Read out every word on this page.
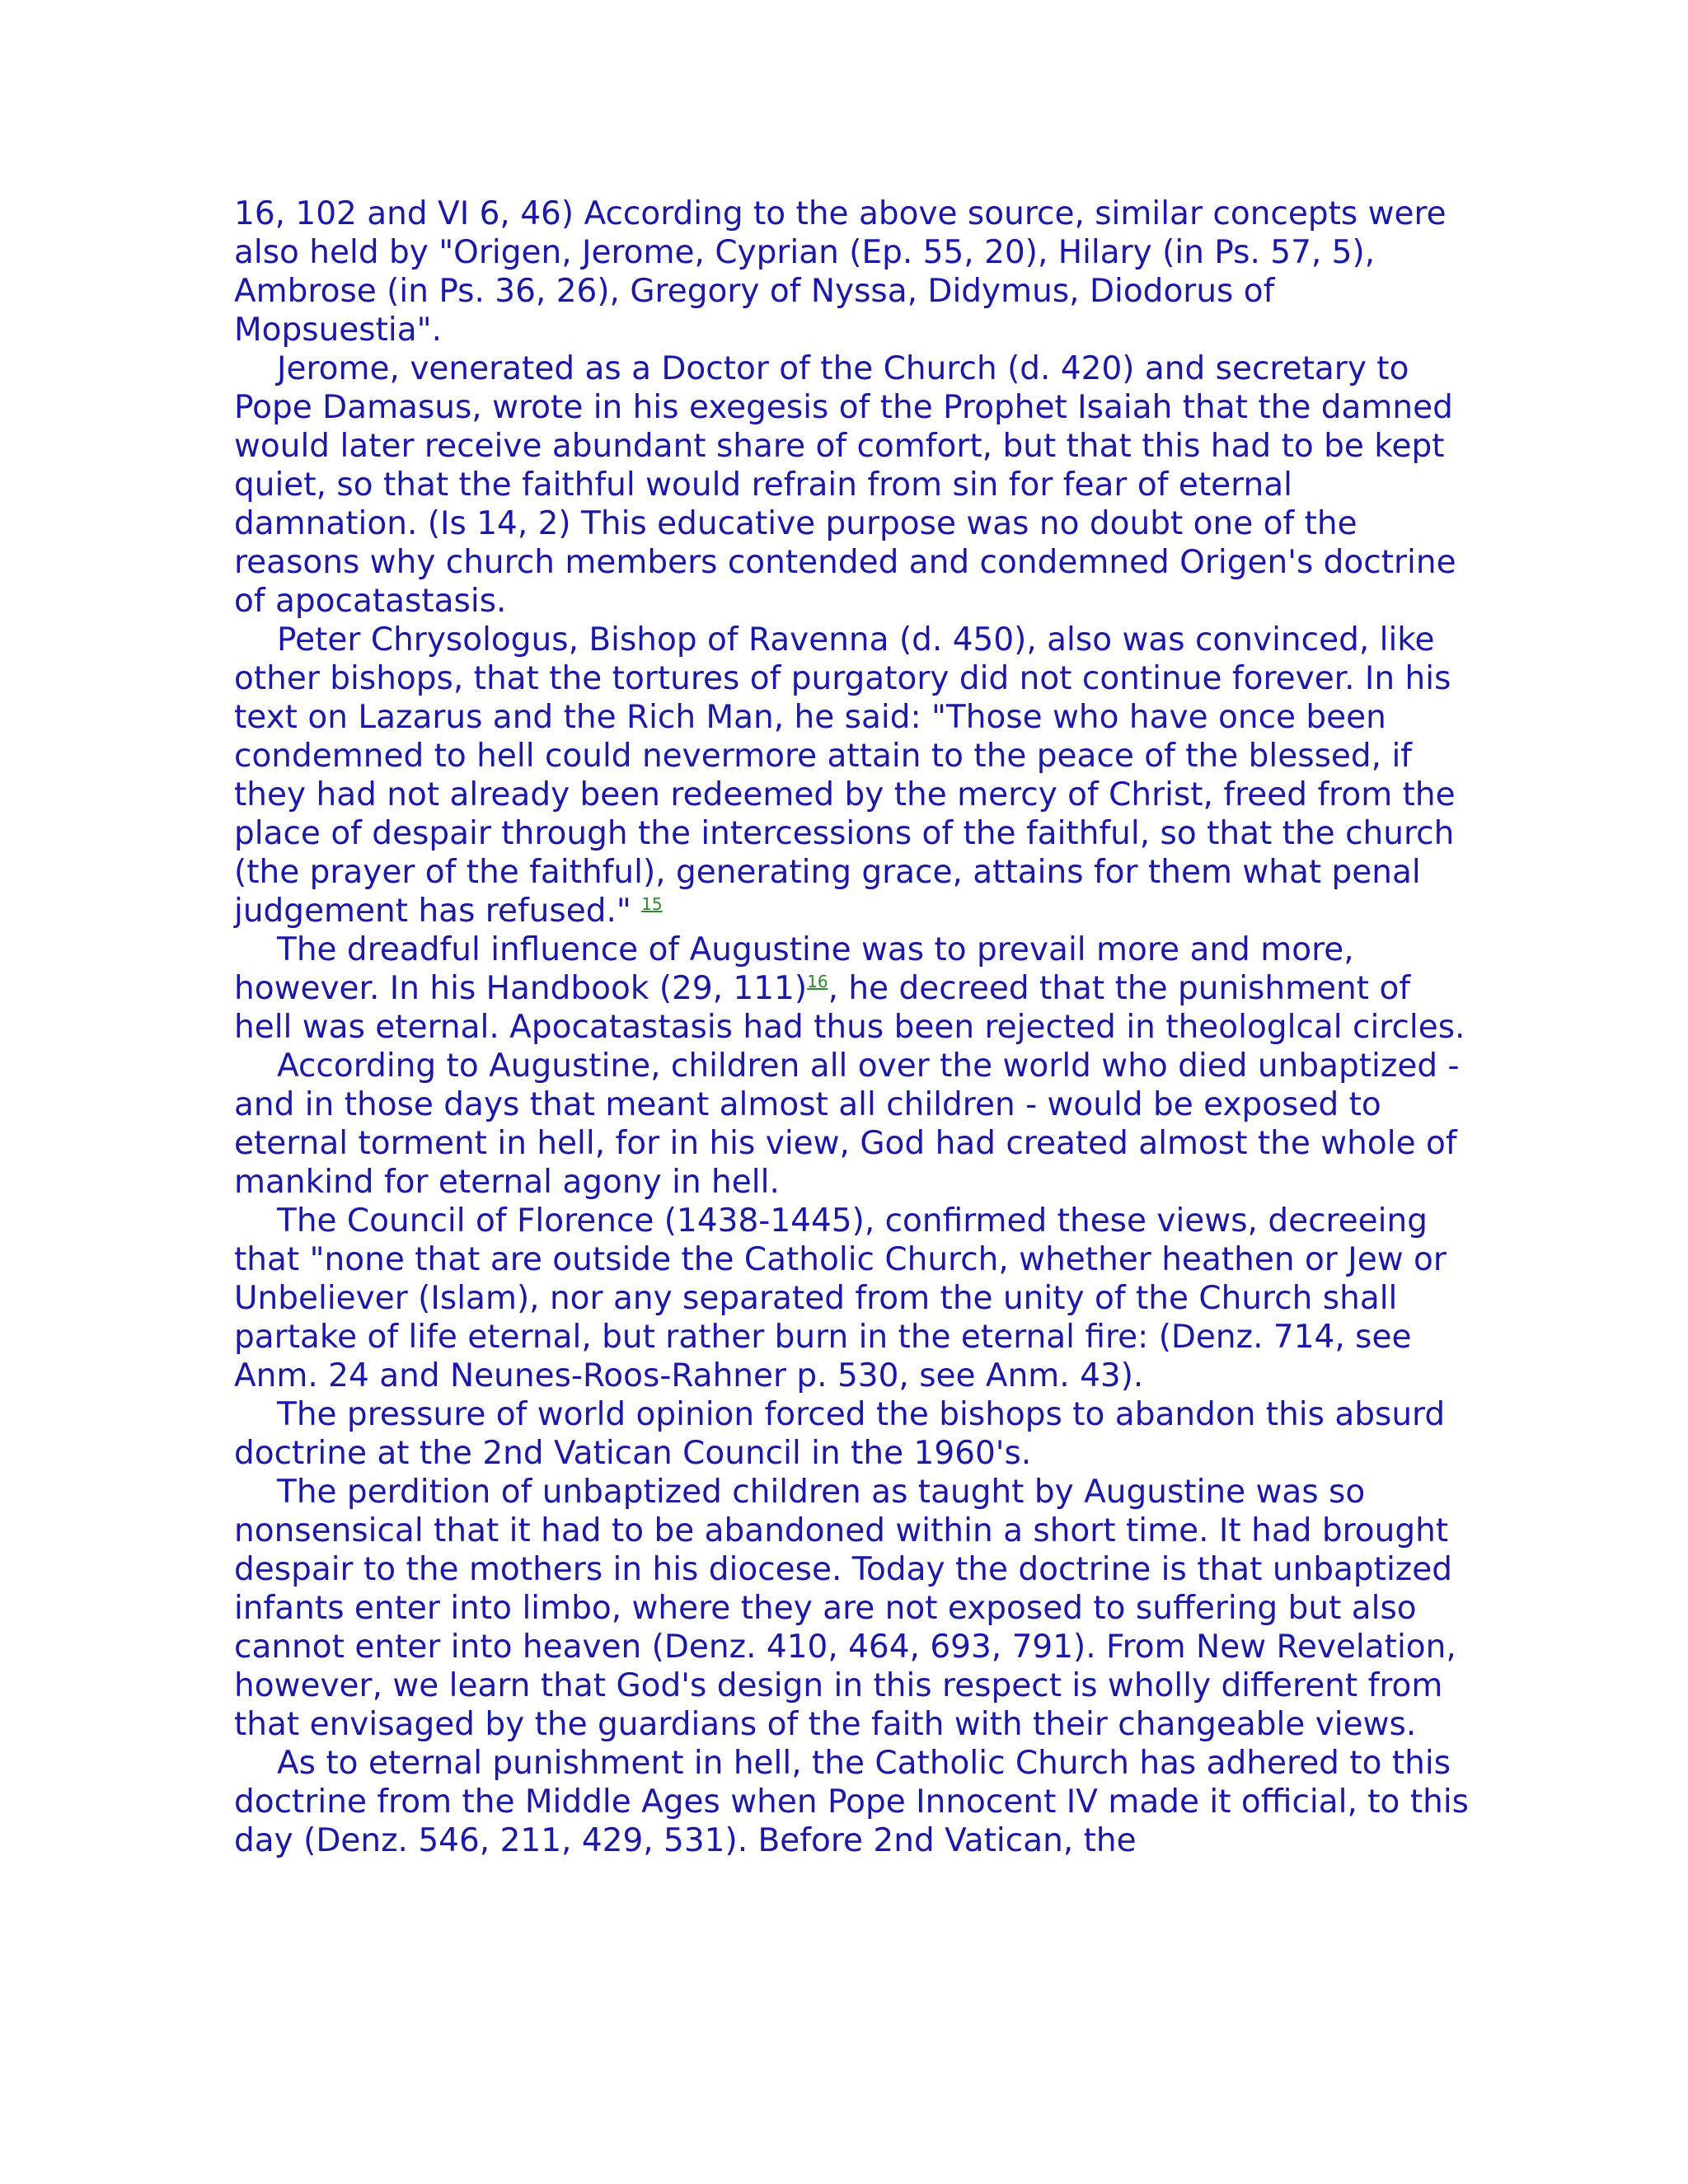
16, 102 and VI 6, 46) According to the above source, similar concepts were also held by "Origen, Jerome, Cyprian (Ep. 55, 20), Hilary (in Ps. 57, 5), Ambrose (in Ps. 36, 26), Gregory of Nyssa, Didymus, Diodorus of Mopsuestia".

Jerome, venerated as a Doctor of the Church (d. 420) and secretary to Pope Damasus, wrote in his exegesis of the Prophet Isaiah that the damned would later receive abundant share of comfort, but that this had to be kept quiet, so that the faithful would refrain from sin for fear of eternal damnation. (Is 14, 2) This educative purpose was no doubt one of the reasons why church members contended and condemned Origen's doctrine of apocatastasis.

Peter Chrysologus, Bishop of Ravenna (d. 450), also was convinced, like other bishops, that the tortures of purgatory did not continue forever. In his text on Lazarus and the Rich Man, he said: "Those who have once been condemned to hell could nevermore attain to the peace of the blessed, if they had not already been redeemed by the mercy of Christ, freed from the place of despair through the intercessions of the faithful, so that the church (the prayer of the faithful), generating grace, attains for them what penal judgement has refused." $^{15}$

The dreadful influence of Augustine was to prevail more and more, however. In his Handbook (29, 111)$^{16}$, he decreed that the punishment of hell was eternal. Apocatastasis had thus been rejected in theologlcal circles.

According to Augustine, children all over the world who died unbaptized - and in those days that meant almost all children - would be exposed to eternal torment in hell, for in his view, God had created almost the whole of mankind for eternal agony in hell.

The Council of Florence (1438-1445), confirmed these views, decreeing that "none that are outside the Catholic Church, whether heathen or Jew or Unbeliever (Islam), nor any separated from the unity of the Church shall partake of life eternal, but rather burn in the eternal fire: (Denz. 714, see Anm. 24 and Neunes-Roos-Rahner p. 530, see Anm. 43).

The pressure of world opinion forced the bishops to abandon this absurd doctrine at the 2nd Vatican Council in the 1960's.

The perdition of unbaptized children as taught by Augustine was so nonsensical that it had to be abandoned within a short time. It had brought despair to the mothers in his diocese. Today the doctrine is that unbaptized infants enter into limbo, where they are not exposed to suffering but also cannot enter into heaven (Denz. 410, 464, 693, 791). From New Revelation, however, we learn that God's design in this respect is wholly different from that envisaged by the guardians of the faith with their changeable views.

As to eternal punishment in hell, the Catholic Church has adhered to this doctrine from the Middle Ages when Pope Innocent IV made it official, to this day (Denz. 546, 211, 429, 531). Before 2nd Vatican, the
